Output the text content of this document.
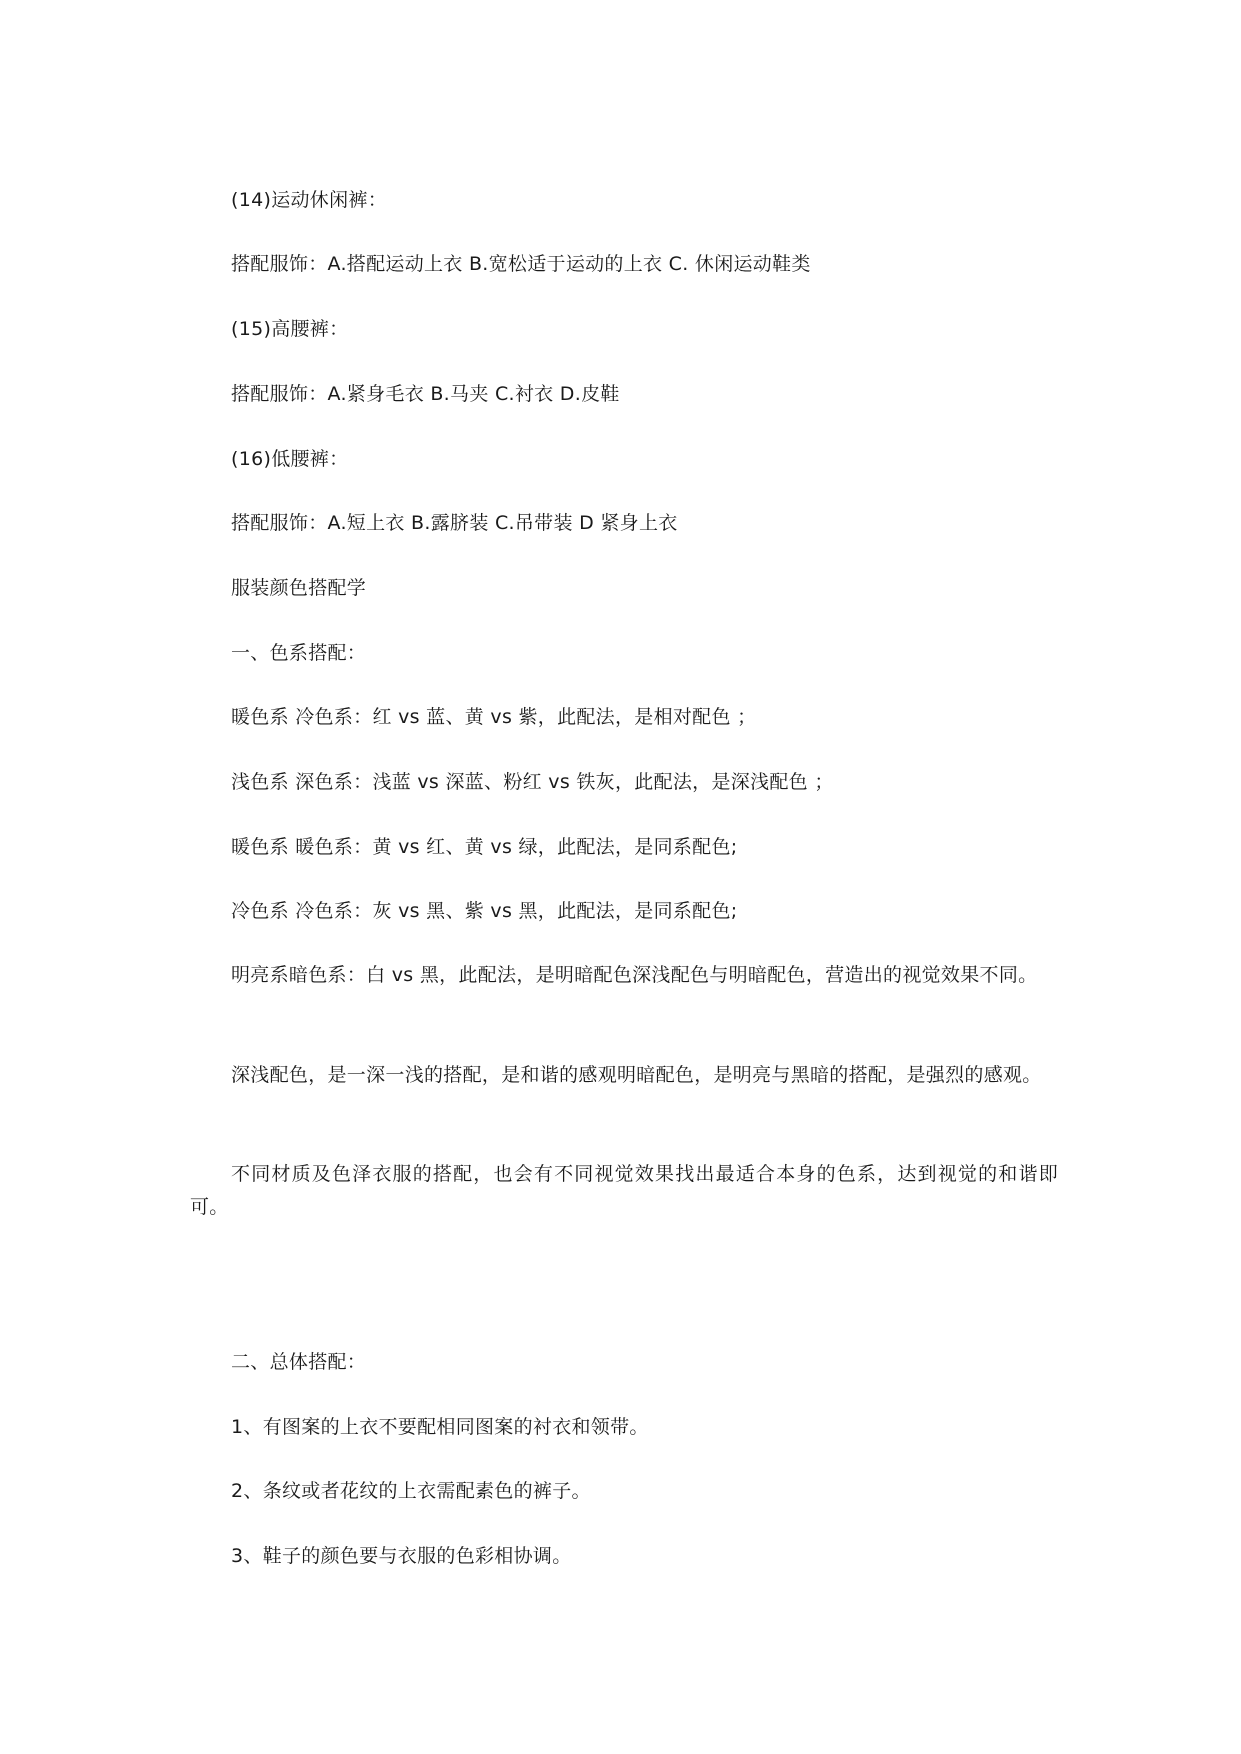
(14)运动休闲裤：
搭配服饰：A.搭配运动上衣 B.宽松适于运动的上衣 C. 休闲运动鞋类
(15)高腰裤：
搭配服饰：A.紧身毛衣 B.马夹 C.衬衣 D.皮鞋
(16)低腰裤：
搭配服饰：A.短上衣 B.露脐装 C.吊带装 D 紧身上衣
服装颜色搭配学
一、色系搭配：
暖色系 冷色系：红 vs 蓝、黄 vs 紫，此配法，是相对配色 ；
浅色系 深色系：浅蓝 vs 深蓝、粉红 vs 铁灰，此配法，是深浅配色 ；
暖色系 暖色系：黄 vs 红、黄 vs 绿，此配法，是同系配色;
冷色系 冷色系：灰 vs 黑、紫 vs 黑，此配法，是同系配色;
明亮系暗色系：白 vs 黑，此配法，是明暗配色深浅配色与明暗配色，营造出的视觉效果不同。
深浅配色，是一深一浅的搭配，是和谐的感观明暗配色，是明亮与黑暗的搭配，是强烈的感观。
不同材质及色泽衣服的搭配，也会有不同视觉效果找出最适合本身的色系，达到视觉的和谐即可。
二、总体搭配：
1、有图案的上衣不要配相同图案的衬衣和领带。
2、条纹或者花纹的上衣需配素色的裤子。
3、鞋子的颜色要与衣服的色彩相协调。
